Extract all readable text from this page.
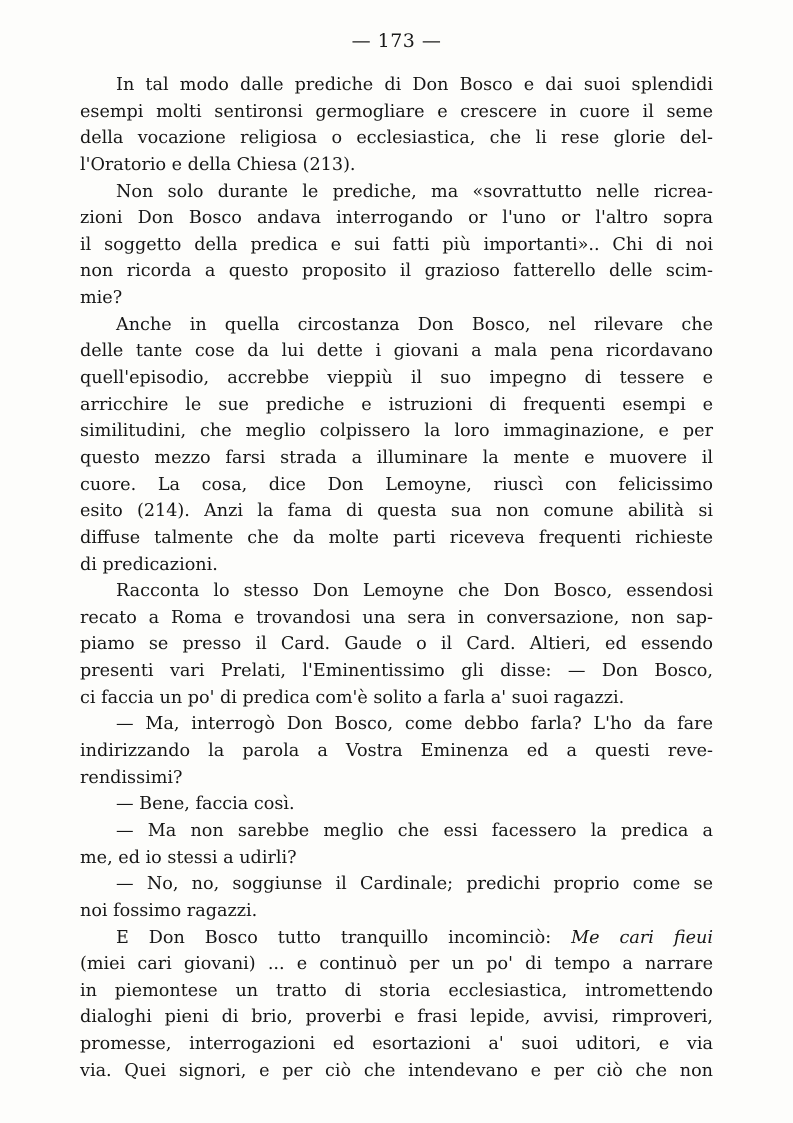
— 173 —
In tal modo dalle prediche di Don Bosco e dai suoi splendidi
esempi molti sentironsi germogliare e crescere in cuore il seme
della vocazione religiosa o ecclesiastica, che li rese glorie del-
l'Oratorio e della Chiesa (213).
Non solo durante le prediche, ma «sovrattutto nelle ricrea-
zioni Don Bosco andava interrogando or l'uno or l'altro sopra
il soggetto della predica e sui fatti più importanti».. Chi di noi
non ricorda a questo proposito il grazioso fatterello delle scim-
mie?
Anche in quella circostanza Don Bosco, nel rilevare che
delle tante cose da lui dette i giovani a mala pena ricordavano
quell'episodio, accrebbe vieppiù il suo impegno di tessere e
arricchire le sue prediche e istruzioni di frequenti esempi e
similitudini, che meglio colpissero la loro immaginazione, e per
questo mezzo farsi strada a illuminare la mente e muovere il
cuore. La cosa, dice Don Lemoyne, riuscì con felicissimo
esito (214). Anzi la fama di questa sua non comune abilità si
diffuse talmente che da molte parti riceveva frequenti richieste
di predicazioni.
Racconta lo stesso Don Lemoyne che Don Bosco, essendosi
recato a Roma e trovandosi una sera in conversazione, non sap-
piamo se presso il Card. Gaude o il Card. Altieri, ed essendo
presenti vari Prelati, l'Eminentissimo gli disse: — Don Bosco,
ci faccia un po' di predica com'è solito a farla a' suoi ragazzi.
— Ma, interrogò Don Bosco, come debbo farla? L'ho da fare
indirizzando la parola a Vostra Eminenza ed a questi reve-
rendissimi?
— Bene, faccia così.
— Ma non sarebbe meglio che essi facessero la predica a
me, ed io stessi a udirli?
— No, no, soggiunse il Cardinale; predichi proprio come se
noi fossimo ragazzi.
E Don Bosco tutto tranquillo incominciò: Me cari fieui
(miei cari giovani) ... e continuò per un po' di tempo a narrare
in piemontese un tratto di storia ecclesiastica, intromettendo
dialoghi pieni di brio, proverbi e frasi lepide, avvisi, rimproveri,
promesse, interrogazioni ed esortazioni a' suoi uditori, e via
via. Quei signori, e per ciò che intendevano e per ciò che non
